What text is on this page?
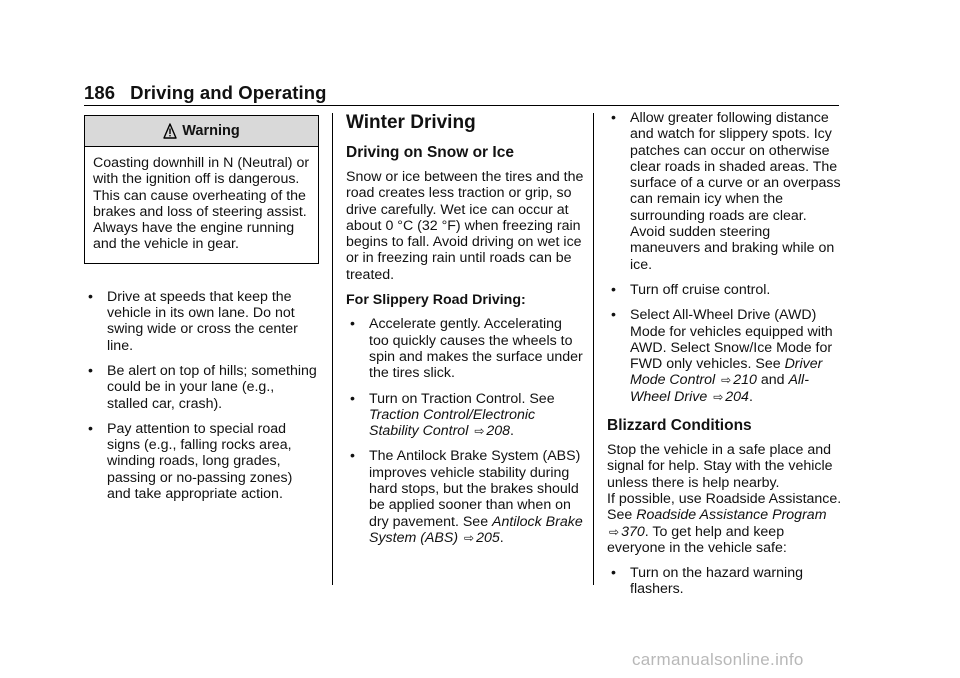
186 Driving and Operating
Warning
Coasting downhill in N (Neutral) or with the ignition off is dangerous. This can cause overheating of the brakes and loss of steering assist. Always have the engine running and the vehicle in gear.
• Drive at speeds that keep the vehicle in its own lane. Do not swing wide or cross the center line.
• Be alert on top of hills; something could be in your lane (e.g., stalled car, crash).
• Pay attention to special road signs (e.g., falling rocks area, winding roads, long grades, passing or no-passing zones) and take appropriate action.
Winter Driving
Driving on Snow or Ice

Snow or ice between the tires and the road creates less traction or grip, so drive carefully. Wet ice can occur at about 0 °C (32 °F) when freezing rain begins to fall. Avoid driving on wet ice or in freezing rain until roads can be treated.

For Slippery Road Driving:

• Accelerate gently. Accelerating too quickly causes the wheels to spin and makes the surface under the tires slick.
• Turn on Traction Control. See Traction Control/Electronic Stability Control ⇨ 208.
• The Antilock Brake System (ABS) improves vehicle stability during hard stops, but the brakes should be applied sooner than when on dry pavement. See Antilock Brake System (ABS) ⇨ 205.
• Allow greater following distance and watch for slippery spots. Icy patches can occur on otherwise clear roads in shaded areas. The surface of a curve or an overpass can remain icy when the surrounding roads are clear. Avoid sudden steering maneuvers and braking while on ice.
• Turn off cruise control.
• Select All-Wheel Drive (AWD) Mode for vehicles equipped with AWD. Select Snow/Ice Mode for FWD only vehicles. See Driver Mode Control ⇨ 210 and All-Wheel Drive ⇨ 204.
Blizzard Conditions

Stop the vehicle in a safe place and signal for help. Stay with the vehicle unless there is help nearby.

If possible, use Roadside Assistance. See Roadside Assistance Program ⇨ 370. To get help and keep everyone in the vehicle safe:

• Turn on the hazard warning flashers.
carmanualsonline.info
